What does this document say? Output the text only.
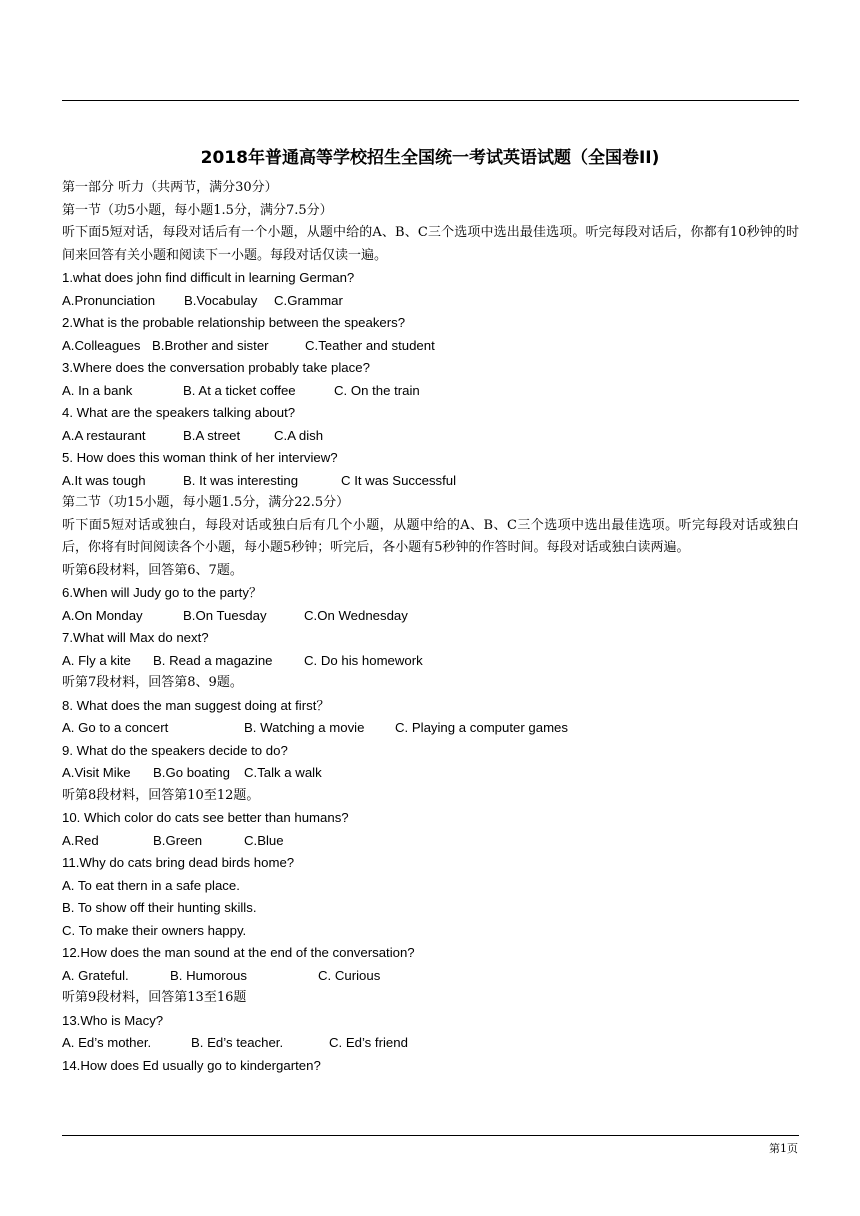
2018年普通高等学校招生全国统一考试英语试题（全国卷II)
第一部分 听力（共两节，满分30分）
第一节（功5小题，每小题1.5分，满分7.5分）
听下面5短对话，每段对话后有一个小题，从题中给的A、B、C三个选项中选出最佳选项。听完每段对话后，你都有10秒钟的时间来回答有关小题和阅读下一小题。每段对话仅读一遍。
1.what does john find difficult in learning German?
A.Pronunciation B.Vocabulay C.Grammar
2.What is the probable relationship between the speakers?
A.Colleagues B.Brother and sister	C.Teather and student
3.Where does the conversation probably take place?
A. In a bank	B. At a ticket coffee	C. On the train
4. What are the speakers talking about?
A.A restaurant	B.A street	C.A dish
5. How does this woman think of her interview?
A.It was tough	B. It was interesting	C It was Successful
第二节（功15小题，每小题1.5分，满分22.5分）
听下面5短对话或独白，每段对话或独白后有几个小题，从题中给的A、B、C三个选项中选出最佳选项。听完每段对话或独白后，你将有时间阅读各个小题，每小题5秒钟；听完后，各小题有5秒钟的作答时间。每段对话或独白读两遍。
听第6段材料，回答第6、7题。
6.When will Judy go to the party？
A.On Monday	B.On Tuesday	C.On Wednesday
7.What will Max do next?
A. Fly a kite B. Read a magazine C. Do his homework
听第7段材料，回答第8、9题。
8. What does the man suggest doing at first？
A. Go to a concert	B. Watching a movie C. Playing a computer games
9. What do the speakers decide to do?
A.Visit Mike B.Go boating C.Talk a walk
听第8段材料，回答第10至12题。
10. Which color do cats see better than humans?
A.Red	B.Green	C.Blue
11.Why do cats bring dead birds home?
A. To eat thern in a safe place.
B. To show off their hunting skills.
C. To make their owners happy.
12.How does the man sound at the end of the conversation?
A. Grateful.	B. Humorous	C. Curious
听第9段材料，回答第13至16题
13.Who is Macy?
A. Ed’s mother.	B. Ed’s teacher.	C. Ed’s friend
14.How does Ed usually go to kindergarten?
第1页
